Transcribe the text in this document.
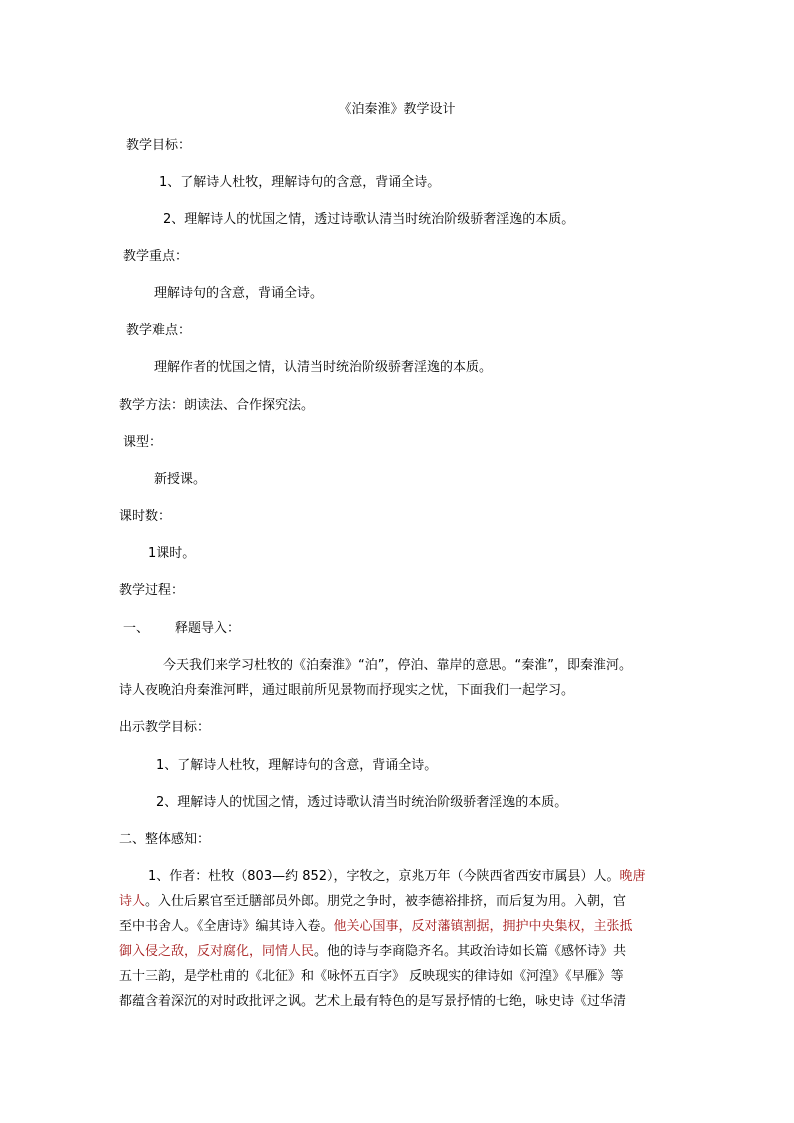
《泊秦淮》教学设计
教学目标：
1、了解诗人杜牧，理解诗句的含意，背诵全诗。
2、理解诗人的忧国之情，透过诗歌认清当时统治阶级骄奢淫逸的本质。
教学重点：
理解诗句的含意，背诵全诗。
教学难点：
理解作者的忧国之情，认清当时统治阶级骄奢淫逸的本质。
教学方法：朗读法、合作探究法。
课型：
新授课。
课时数：
1课时。
教学过程：
一、 释题导入：
今天我们来学习杜牧的《泊秦淮》“泊”，停泊、靠岸的意思。“秦淮”，即秦淮河。
诗人夜晚泊舟秦淮河畔，通过眼前所见景物而抒现实之忧，下面我们一起学习。
出示教学目标：
1、了解诗人杜牧，理解诗句的含意，背诵全诗。
2、理解诗人的忧国之情，透过诗歌认清当时统治阶级骄奢淫逸的本质。
二、整体感知：
1、作者：杜牧（803—约 852），字牧之，京兆万年（今陕西省西安市属县）人。晚唐
诗人。入仕后累官至迁膳部员外郎。朋党之争时，被李德裕排挤，而后复为用。入朝，官
至中书舍人。《全唐诗》编其诗入卷。他关心国事，反对藩镇割据，拥护中央集权，主张抵
御入侵之敌，反对腐化，同情人民。他的诗与李商隐齐名。其政治诗如长篇《感怀诗》共
五十三韵，是学杜甫的《北征》和《咏怀五百字》 反映现实的律诗如《河湟》《早雁》等
都蕴含着深沉的对时政批评之讽。艺术上最有特色的是写景抒情的七绝，咏史诗《过华清
